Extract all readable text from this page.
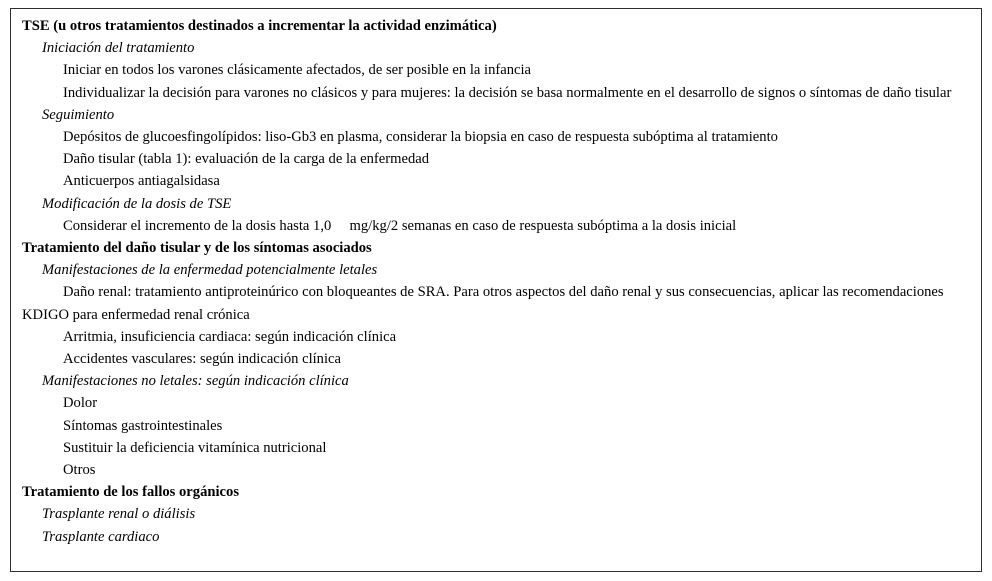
TSE (u otros tratamientos destinados a incrementar la actividad enzimática)

Iniciación del tratamiento

Iniciar en todos los varones clásicamente afectados, de ser posible en la infancia

Individualizar la decisión para varones no clásicos y para mujeres: la decisión se basa normalmente en el desarrollo de signos o síntomas de daño tisular

Seguimiento

Depósitos de glucoesfingolípidos: liso-Gb3 en plasma, considerar la biopsia en caso de respuesta subóptima al tratamiento

Daño tisular (tabla 1): evaluación de la carga de la enfermedad

Anticuerpos antiagalsidasa

Modificación de la dosis de TSE

Considerar el incremento de la dosis hasta 1,0     mg/kg/2 semanas en caso de respuesta subóptima a la dosis inicial

Tratamiento del daño tisular y de los síntomas asociados

Manifestaciones de la enfermedad potencialmente letales

Daño renal: tratamiento antiproteinúrico con bloqueantes de SRA. Para otros aspectos del daño renal y sus consecuencias, aplicar las recomendaciones KDIGO para enfermedad renal crónica

Arritmia, insuficiencia cardiaca: según indicación clínica

Accidentes vasculares: según indicación clínica

Manifestaciones no letales: según indicación clínica

Dolor

Síntomas gastrointestinales

Sustituir la deficiencia vitamínica nutricional

Otros

Tratamiento de los fallos orgánicos

Trasplante renal o diálisis

Trasplante cardiaco
